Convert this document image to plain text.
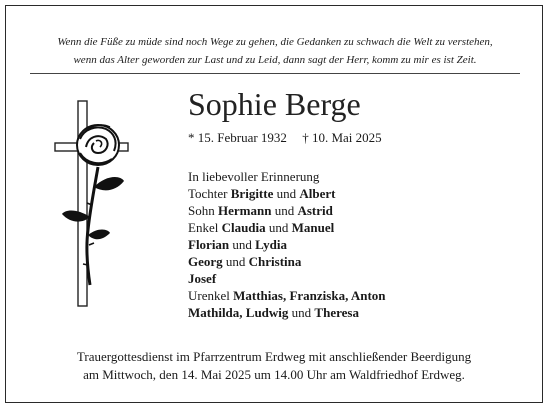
Wenn die Füße zu müde sind noch Wege zu gehen, die Gedanken zu schwach die Welt zu verstehen,
wenn das Alter geworden zur Last und zu Leid, dann sagt der Herr, komm zu mir es ist Zeit.
Sophie Berge
* 15. Februar 1932 † 10. Mai 2025
In liebevoller Erinnerung
Tochter Brigitte und Albert
Sohn Hermann und Astrid
Enkel Claudia und Manuel
Florian und Lydia
Georg und Christina
Josef
Urenkel Matthias, Franziska, Anton
Mathilda, Ludwig und Theresa
Trauergottesdienst im Pfarrzentrum Erdweg mit anschließender Beerdigung
am Mittwoch, den 14. Mai 2025 um 14.00 Uhr am Waldfriedhof Erdweg.
